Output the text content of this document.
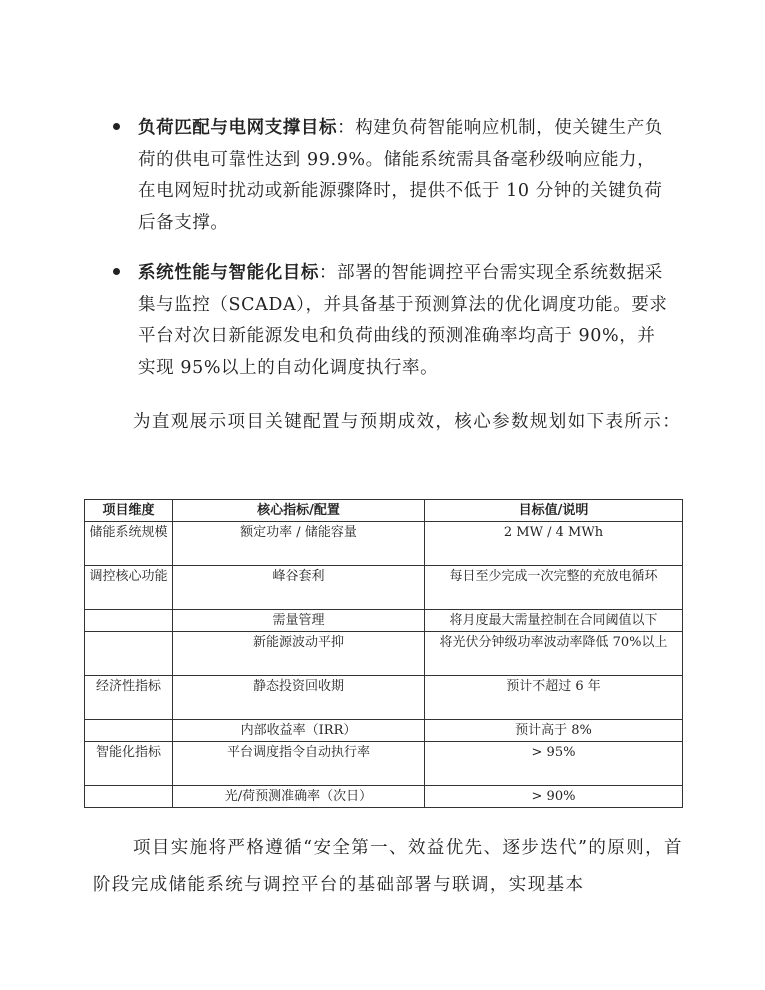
负荷匹配与电网支撑目标：构建负荷智能响应机制，使关键生产负荷的供电可靠性达到 99.9%。储能系统需具备毫秒级响应能力，在电网短时扰动或新能源骤降时，提供不低于 10 分钟的关键负荷后备支撑。
系统性能与智能化目标：部署的智能调控平台需实现全系统数据采集与监控（SCADA），并具备基于预测算法的优化调度功能。要求平台对次日新能源发电和负荷曲线的预测准确率均高于 90%，并实现 95%以上的自动化调度执行率。

为直观展示项目关键配置与预期成效，核心参数规划如下表所示：

项目维度	核心指标/配置	目标值/说明
储能系统规模	额定功率 / 储能容量	2 MW / 4 MWh
调控核心功能	峰谷套利	每日至少完成一次完整的充放电循环
	需量管理	将月度最大需量控制在合同阈值以下
	新能源波动平抑	将光伏分钟级功率波动率降低 70%以上
经济性指标	静态投资回收期	预计不超过 6 年
	内部收益率（IRR）	预计高于 8%
智能化指标	平台调度指令自动执行率	> 95%
	光/荷预测准确率（次日）	> 90%

项目实施将严格遵循“安全第一、效益优先、逐步迭代”的原则，首阶段完成储能系统与调控平台的基础部署与联调，实现基本
